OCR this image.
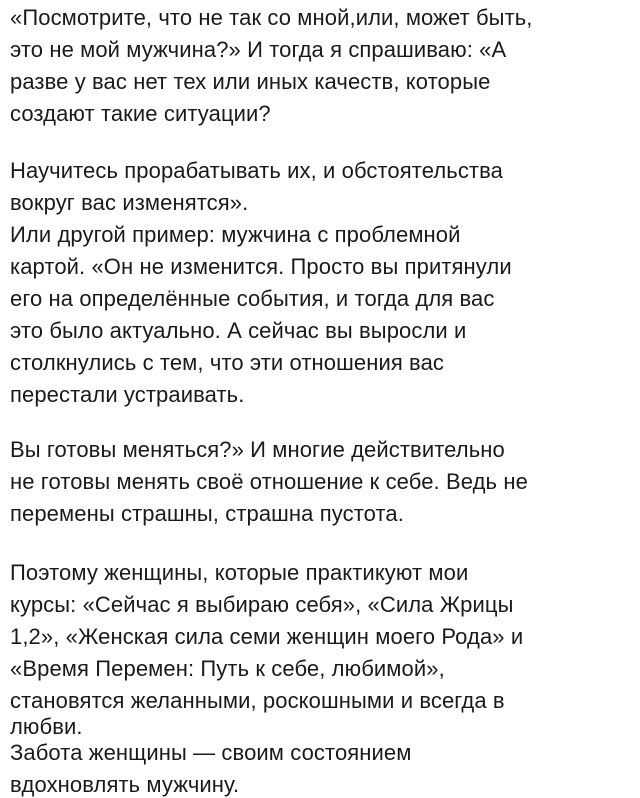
«Посмотрите, что не так со мной,или, может быть,
это не мой мужчина?» И тогда я спрашиваю: «А
разве у вас нет тех или иных качеств, которые
создают такие ситуации?
Научитесь прорабатывать их, и обстоятельства
вокруг вас изменятся».
Или другой пример: мужчина с проблемной
картой. «Он не изменится. Просто вы притянули
его на определённые события, и тогда для вас
это было актуально. А сейчас вы выросли и
столкнулись с тем, что эти отношения вас
перестали устраивать.
Вы готовы меняться?» И многие действительно
не готовы менять своё отношение к себе. Ведь не
перемены страшны, страшна пустота.
Поэтому женщины, которые практикуют мои
курсы: «Сейчас я выбираю себя», «Сила Жрицы
1,2», «Женская сила семи женщин моего Рода» и
«Время Перемен: Путь к себе, любимой»,
становятся желанными, роскошными и всегда в
любви.
Забота женщины — своим состоянием
вдохновлять мужчину.
